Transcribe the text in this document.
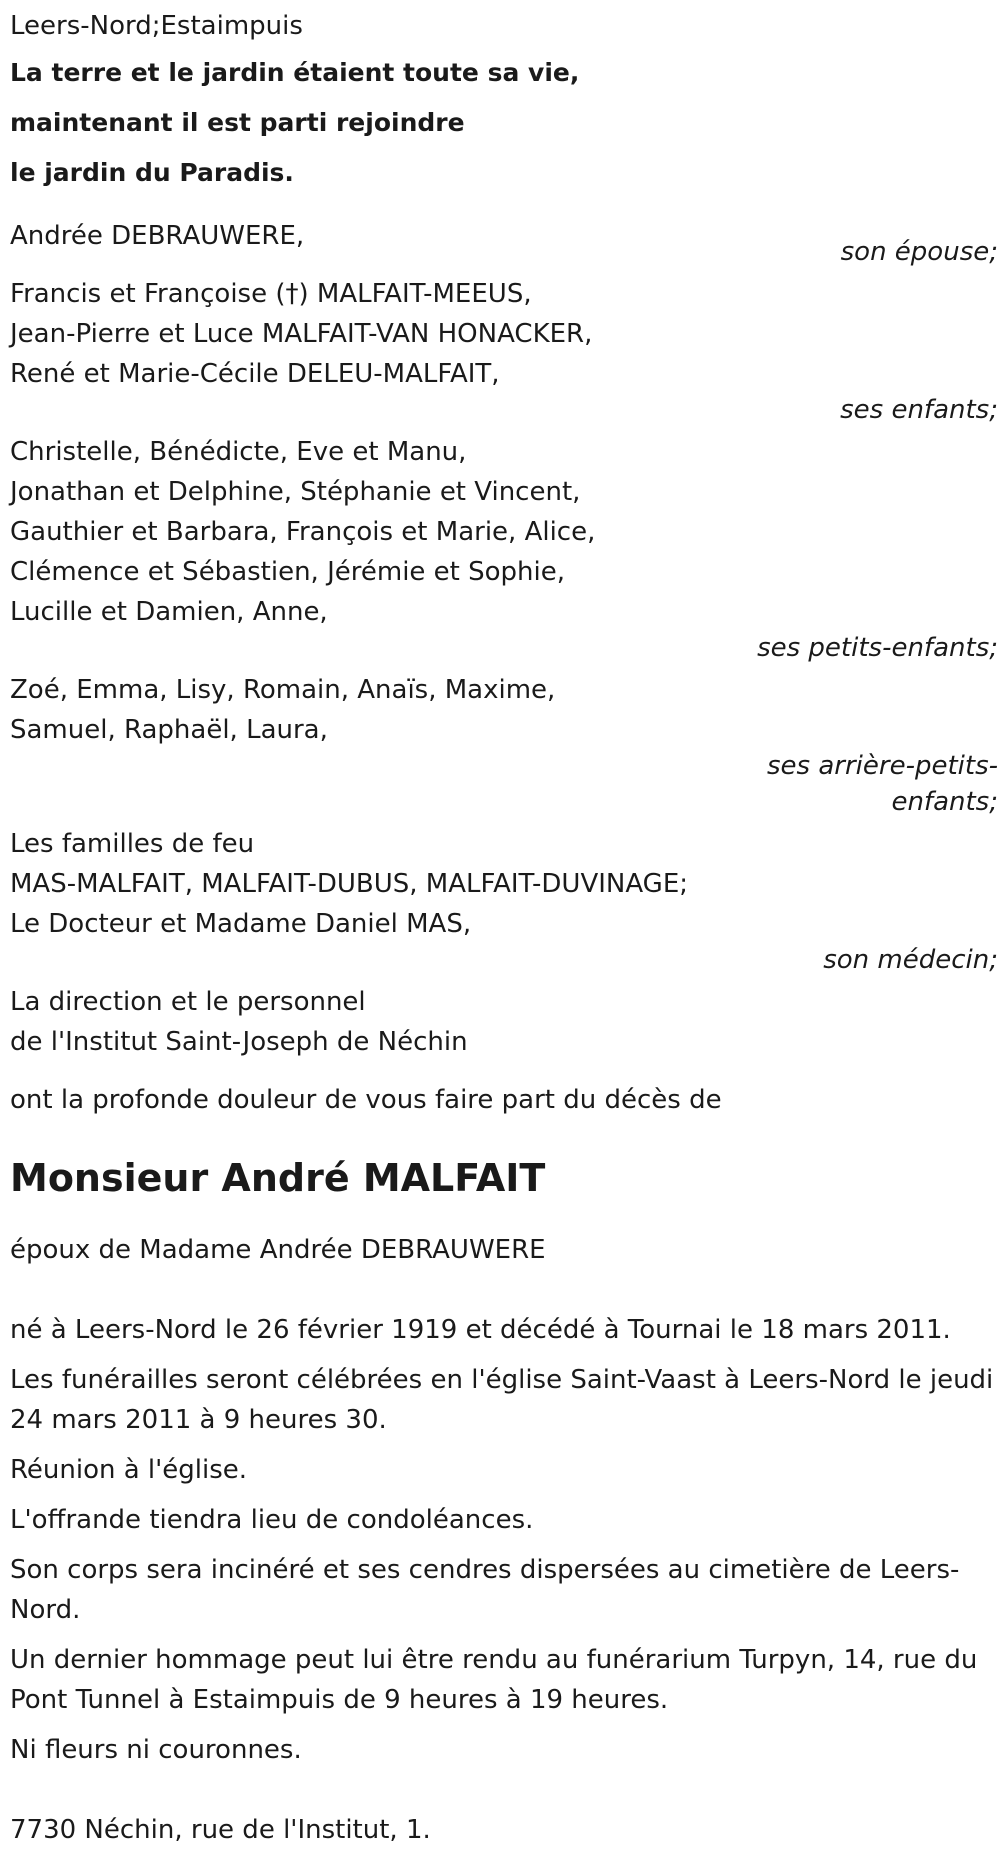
Leers-Nord;Estaimpuis
La terre et le jardin étaient toute sa vie,
maintenant il est parti rejoindre
le jardin du Paradis.
Andrée DEBRAUWERE,
son épouse;
Francis et Françoise (†) MALFAIT-MEEUS,
Jean-Pierre et Luce MALFAIT-VAN HONACKER,
René et Marie-Cécile DELEU-MALFAIT,
ses enfants;
Christelle, Bénédicte, Eve et Manu,
Jonathan et Delphine, Stéphanie et Vincent,
Gauthier et Barbara, François et Marie, Alice,
Clémence et Sébastien, Jérémie et Sophie,
Lucille et Damien, Anne,
ses petits-enfants;
Zoé, Emma, Lisy, Romain, Anaïs, Maxime,
Samuel, Raphaël, Laura,
ses arrière-petits-enfants;
Les familles de feu
MAS-MALFAIT, MALFAIT-DUBUS, MALFAIT-DUVINAGE;
Le Docteur et Madame Daniel MAS,
son médecin;
La direction et le personnel
de l'Institut Saint-Joseph de Néchin
ont la profonde douleur de vous faire part du décès de
Monsieur André MALFAIT
époux de Madame Andrée DEBRAUWERE
né à Leers-Nord le 26 février 1919 et décédé à Tournai le 18 mars 2011.
Les funérailles seront célébrées en l'église Saint-Vaast à Leers-Nord le jeudi 24 mars 2011 à 9 heures 30.
Réunion à l'église.
L'offrande tiendra lieu de condoléances.
Son corps sera incinéré et ses cendres dispersées au cimetière de Leers-Nord.
Un dernier hommage peut lui être rendu au funérarium Turpyn, 14, rue du Pont Tunnel à Estaimpuis de 9 heures à 19 heures.
Ni fleurs ni couronnes.
7730 Néchin, rue de l'Institut, 1.
